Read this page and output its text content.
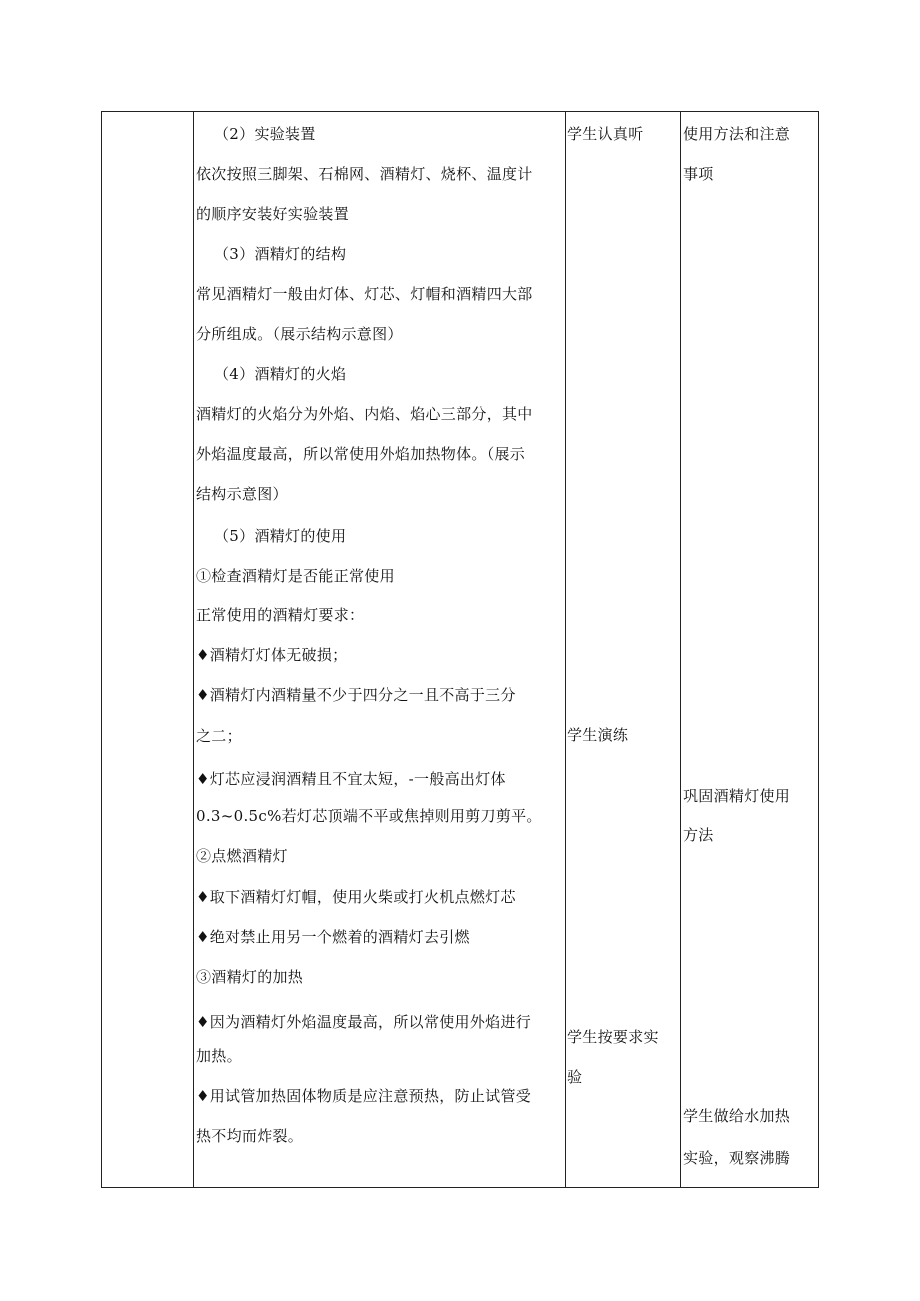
（2）实验装置
依次按照三脚架、石棉网、酒精灯、烧杯、温度计
的顺序安装好实验装置
（3）酒精灯的结构
常见酒精灯一般由灯体、灯芯、灯帽和酒精四大部
分所组成。（展示结构示意图）
（4）酒精灯的火焰
酒精灯的火焰分为外焰、内焰、焰心三部分，其中
外焰温度最高，所以常使用外焰加热物体。（展示
结构示意图）
（5）酒精灯的使用
①检查酒精灯是否能正常使用
正常使用的酒精灯要求：
♦酒精灯灯体无破损；
♦酒精灯内酒精量不少于四分之一且不高于三分
之二；
♦灯芯应浸润酒精且不宜太短，-一般高出灯体
0.3~0.5c%若灯芯顶端不平或焦掉则用剪刀剪平。
②点燃酒精灯
♦取下酒精灯灯帽，使用火柴或打火机点燃灯芯
♦绝对禁止用另一个燃着的酒精灯去引燃
③酒精灯的加热
♦因为酒精灯外焰温度最高，所以常使用外焰进行
加热。
♦用试管加热固体物质是应注意预热，防止试管受
热不均而炸裂。
学生认真听
学生演练
学生按要求实
验
使用方法和注意
事项
巩固酒精灯使用
方法
学生做给水加热
实验，观察沸腾
